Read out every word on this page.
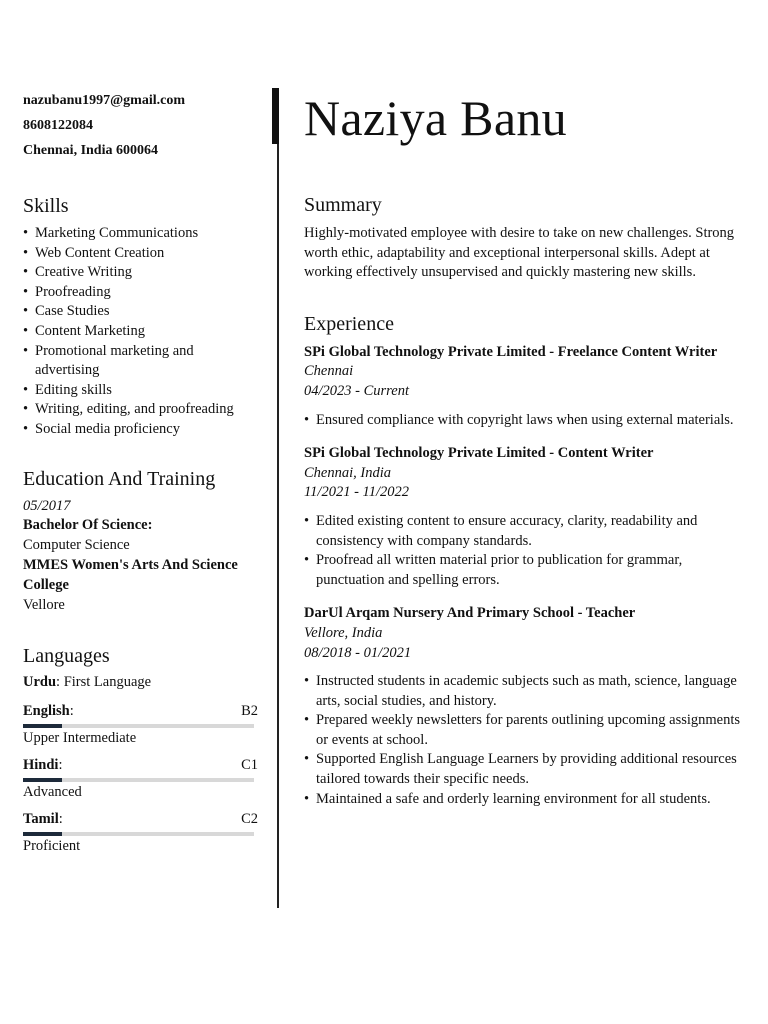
nazubanu1997@gmail.com
8608122084
Chennai, India 600064
Skills
• Marketing Communications
• Web Content Creation
• Creative Writing
• Proofreading
• Case Studies
• Content Marketing
• Promotional marketing and advertising
• Editing skills
• Writing, editing, and proofreading
• Social media proficiency
Education And Training
05/2017
Bachelor Of Science:
Computer Science
MMES Women's Arts And Science College
Vellore
Languages
Urdu: First Language
English:	B2
Upper Intermediate
Hindi:	C1
Advanced
Tamil:	C2
Proficient
Naziya Banu
Summary
Highly-motivated employee with desire to take on new challenges. Strong worth ethic, adaptability and exceptional interpersonal skills. Adept at working effectively unsupervised and quickly mastering new skills.
Experience
SPi Global Technology Private Limited - Freelance Content Writer
Chennai
04/2023 - Current
• Ensured compliance with copyright laws when using external materials.
SPi Global Technology Private Limited - Content Writer
Chennai, India
11/2021 - 11/2022
• Edited existing content to ensure accuracy, clarity, readability and consistency with company standards.
• Proofread all written material prior to publication for grammar, punctuation and spelling errors.
DarUl Arqam Nursery And Primary School - Teacher
Vellore, India
08/2018 - 01/2021
• Instructed students in academic subjects such as math, science, language arts, social studies, and history.
• Prepared weekly newsletters for parents outlining upcoming assignments or events at school.
• Supported English Language Learners by providing additional resources tailored towards their specific needs.
• Maintained a safe and orderly learning environment for all students.
